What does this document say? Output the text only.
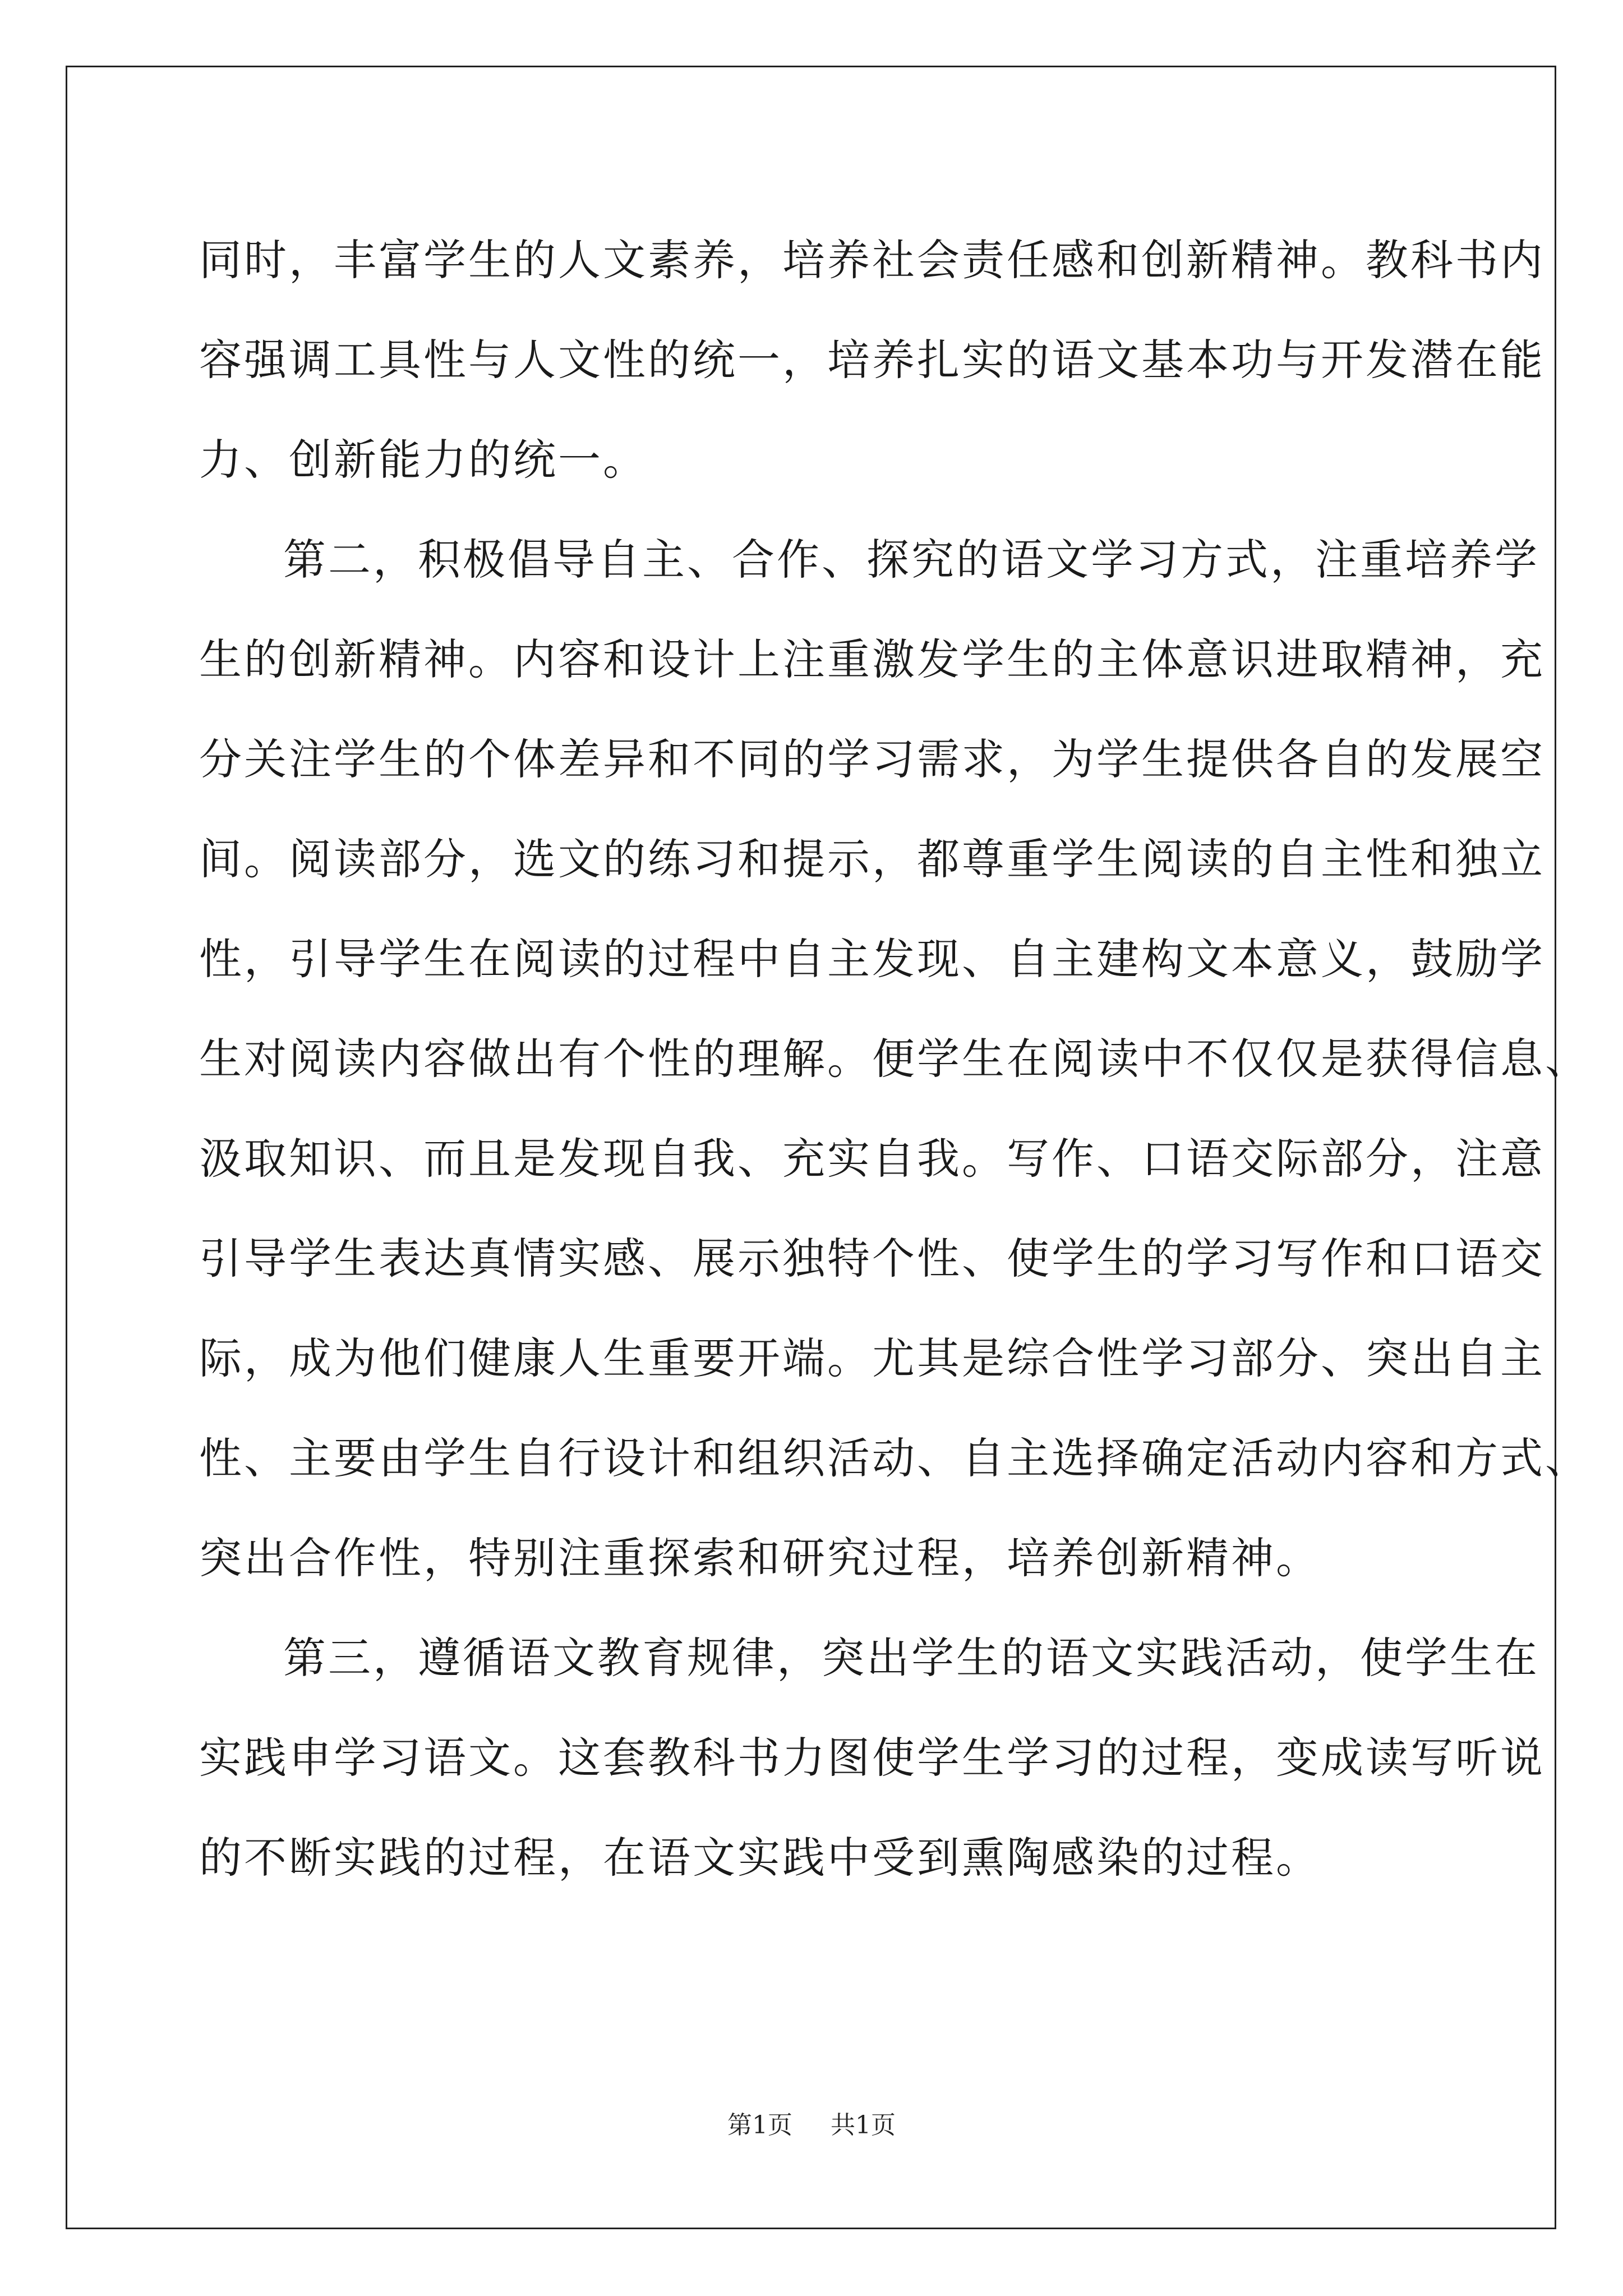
同时，丰富学生的人文素养，培养社会责任感和创新精神。教科书内
容强调工具性与人文性的统一，培养扎实的语文基本功与开发潜在能
力、创新能力的统一。
第二，积极倡导自主、合作、探究的语文学习方式，注重培养学
生的创新精神。内容和设计上注重激发学生的主体意识进取精神，充
分关注学生的个体差异和不同的学习需求，为学生提供各自的发展空
间。阅读部分，选文的练习和提示，都尊重学生阅读的自主性和独立
性，引导学生在阅读的过程中自主发现、自主建构文本意义，鼓励学
生对阅读内容做出有个性的理解。便学生在阅读中不仅仅是获得信息、
汲取知识、而且是发现自我、充实自我。写作、口语交际部分，注意
引导学生表达真情实感、展示独特个性、使学生的学习写作和口语交
际，成为他们健康人生重要开端。尤其是综合性学习部分、突出自主
性、主要由学生自行设计和组织活动、自主选择确定活动内容和方式、
突出合作性，特别注重探索和研究过程，培养创新精神。
第三，遵循语文教育规律，突出学生的语文实践活动，使学生在
实践申学习语文。这套教科书力图使学生学习的过程，变成读写听说
的不断实践的过程，在语文实践中受到熏陶感染的过程。
第1页 共1页
